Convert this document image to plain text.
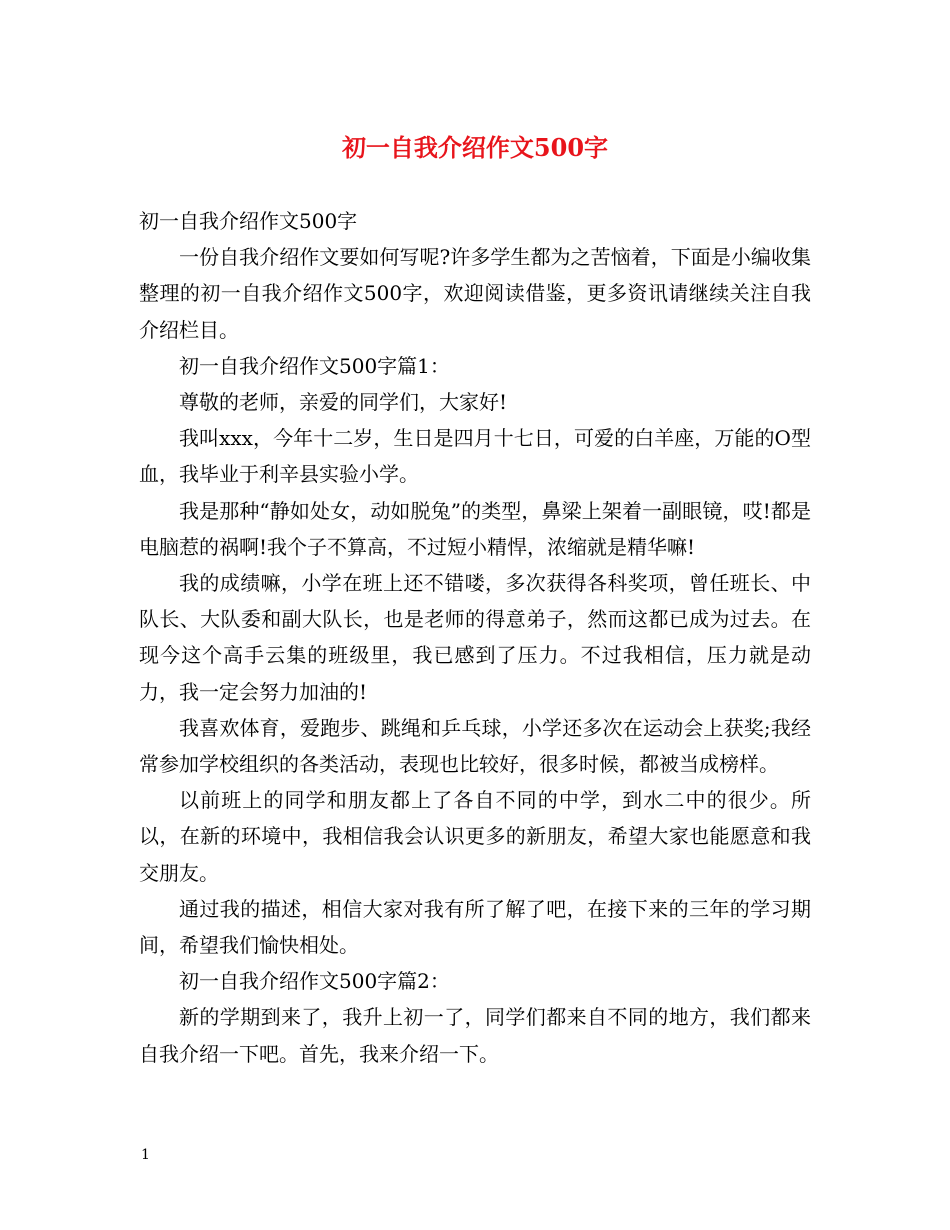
初一自我介绍作文500字

初一自我介绍作文500字

一份自我介绍作文要如何写呢?许多学生都为之苦恼着，下面是小编收集整理的初一自我介绍作文500字，欢迎阅读借鉴，更多资讯请继续关注自我介绍栏目。

初一自我介绍作文500字篇1：

尊敬的老师，亲爱的同学们，大家好!

我叫xxx，今年十二岁，生日是四月十七日，可爱的白羊座，万能的O型血，我毕业于利辛县实验小学。

我是那种“静如处女，动如脱兔”的类型，鼻梁上架着一副眼镜，哎!都是电脑惹的祸啊!我个子不算高，不过短小精悍，浓缩就是精华嘛!

我的成绩嘛，小学在班上还不错喽，多次获得各科奖项，曾任班长、中队长、大队委和副大队长，也是老师的得意弟子，然而这都已成为过去。在现今这个高手云集的班级里，我已感到了压力。不过我相信，压力就是动力，我一定会努力加油的!

我喜欢体育，爱跑步、跳绳和乒乓球，小学还多次在运动会上获奖;我经常参加学校组织的各类活动，表现也比较好，很多时候，都被当成榜样。

以前班上的同学和朋友都上了各自不同的中学，到水二中的很少。所以，在新的环境中，我相信我会认识更多的新朋友，希望大家也能愿意和我交朋友。

通过我的描述，相信大家对我有所了解了吧，在接下来的三年的学习期间，希望我们愉快相处。

初一自我介绍作文500字篇2：

新的学期到来了，我升上初一了，同学们都来自不同的地方，我们都来自我介绍一下吧。首先，我来介绍一下。

1
